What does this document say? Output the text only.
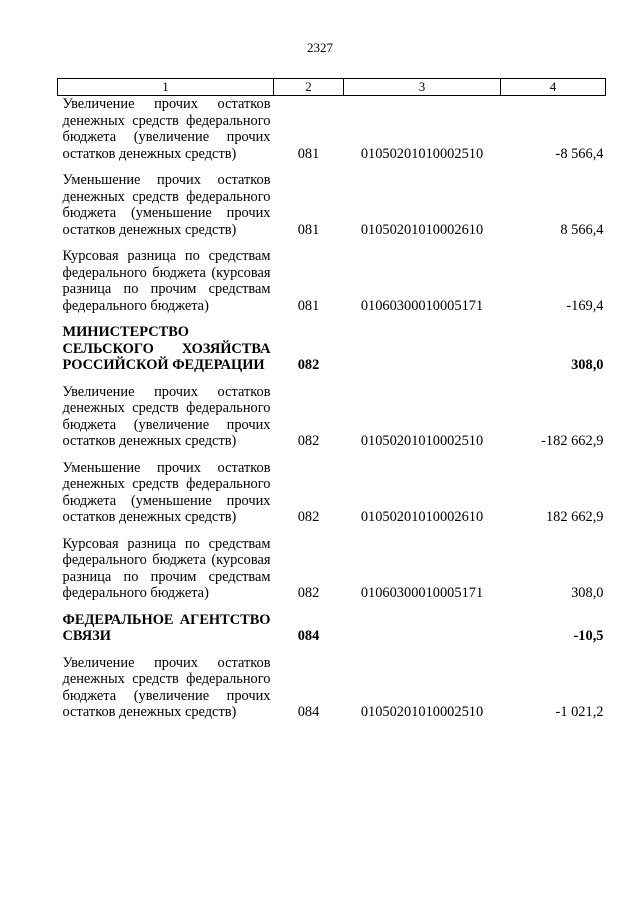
2327
1	2	3	4
Увеличение прочих остатков денежных средств федерального бюджета (увеличение прочих остатков денежных средств)	081	01050201010002510	-8 566,4
Уменьшение прочих остатков денежных средств федерального бюджета (уменьшение прочих остатков денежных средств)	081	01050201010002610	8 566,4
Курсовая разница по средствам федерального бюджета (курсовая разница по прочим средствам федерального бюджета)	081	01060300010005171	-169,4
МИНИСТЕРСТВО СЕЛЬСКОГО ХОЗЯЙСТВА РОССИЙСКОЙ ФЕДЕРАЦИИ	082		308,0
Увеличение прочих остатков денежных средств федерального бюджета (увеличение прочих остатков денежных средств)	082	01050201010002510	-182 662,9
Уменьшение прочих остатков денежных средств федерального бюджета (уменьшение прочих остатков денежных средств)	082	01050201010002610	182 662,9
Курсовая разница по средствам федерального бюджета (курсовая разница по прочим средствам федерального бюджета)	082	01060300010005171	308,0
ФЕДЕРАЛЬНОЕ АГЕНТСТВО СВЯЗИ	084		-10,5
Увеличение прочих остатков денежных средств федерального бюджета (увеличение прочих остатков денежных средств)	084	01050201010002510	-1 021,2
